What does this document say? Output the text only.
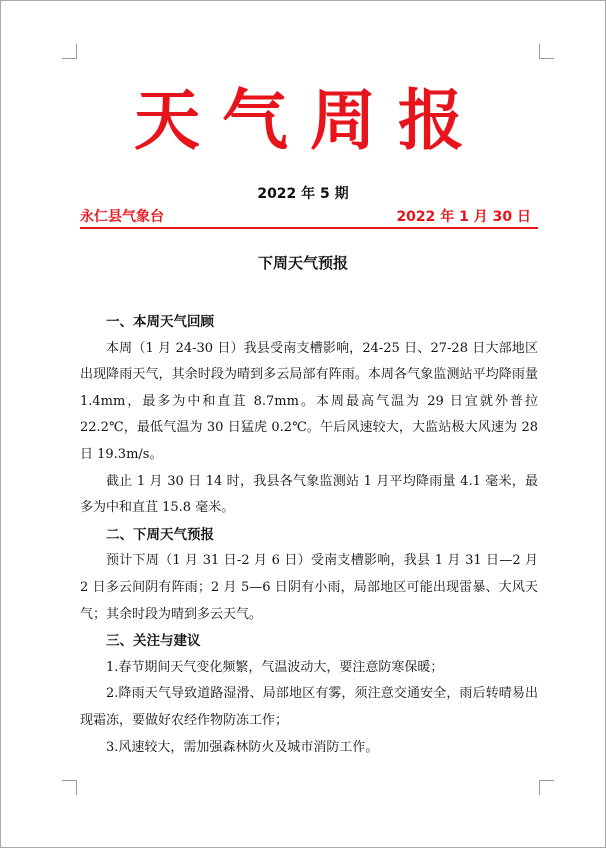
天气周报
2022 年 5 期
永仁县气象台	2022 年 1 月 30 日
下周天气预报
一、本周天气回顾

本周（1 月 24-30 日）我县受南支槽影响，24-25 日、27-28 日大部地区出现降雨天气，其余时段为晴到多云局部有阵雨。本周各气象监测站平均降雨量 1.4mm，最多为中和直苴 8.7mm。本周最高气温为 29 日宜就外普拉 22.2℃，最低气温为 30 日猛虎 0.2℃。午后风速较大，大监站极大风速为 28 日 19.3m/s。

截止 1 月 30 日 14 时，我县各气象监测站 1 月平均降雨量 4.1 毫米，最多为中和直苴 15.8 毫米。

二、下周天气预报

预计下周（1 月 31 日-2 月 6 日）受南支槽影响，我县 1 月 31 日—2 月 2 日多云间阴有阵雨；2 月 5—6 日阴有小雨，局部地区可能出现雷暴、大风天气；其余时段为晴到多云天气。

三、关注与建议

1.春节期间天气变化频繁，气温波动大，要注意防寒保暖；

2.降雨天气导致道路湿滑、局部地区有雾，须注意交通安全，雨后转晴易出现霜冻，要做好农经作物防冻工作；

3.风速较大，需加强森林防火及城市消防工作。
